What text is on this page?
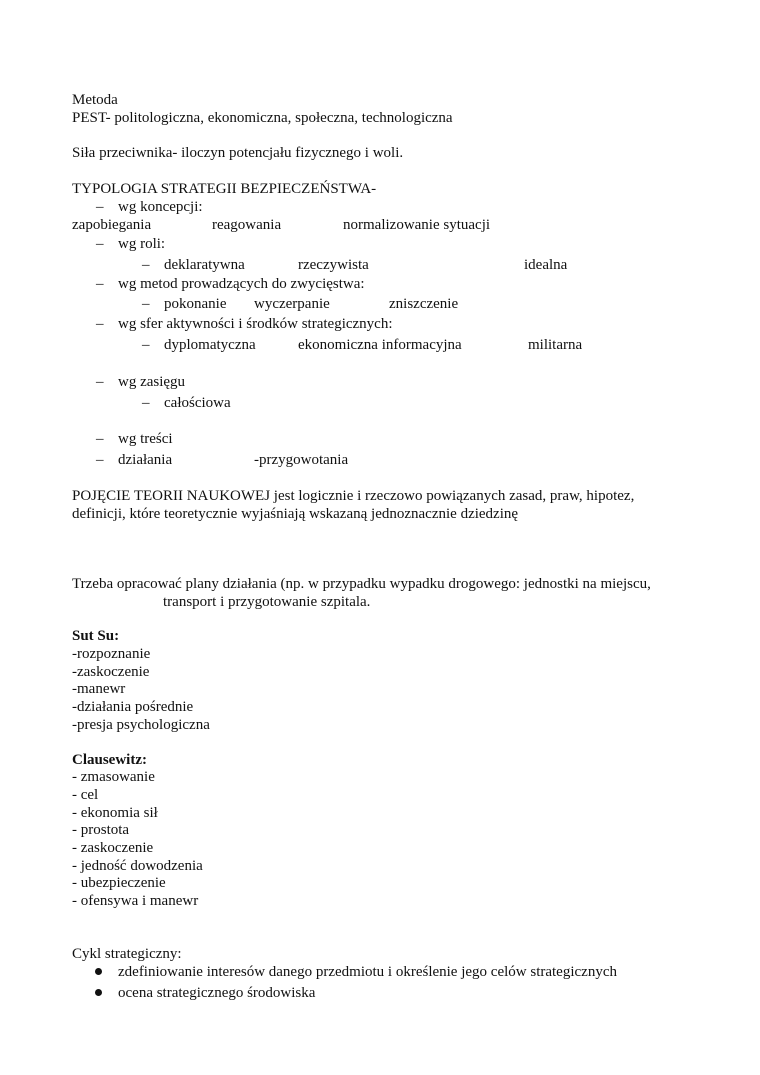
Metoda
PEST- politologiczna, ekonomiczna, społeczna, technologiczna
Siła przeciwnika- iloczyn potencjału fizycznego i woli.
TYPOLOGIA STRATEGII BEZPIECZEŃSTWA-
– wg koncepcji:
zapobiegania	reagowania	normalizowanie sytuacji
– wg roli:
– deklaratywna	rzeczywista	idealna
– wg metod prowadzących do zwycięstwa:
– pokonanie wyczerpanie	zniszczenie
– wg sfer aktywności i środków strategicznych:
– dyplomatyczna	ekonomiczna informacyjna	militarna
– wg zasięgu
– całościowa
– wg treści
– działania	-przygowotania
POJĘCIE TEORII NAUKOWEJ jest logicznie i rzeczowo powiązanych zasad, praw, hipotez,
definicji, które teoretycznie wyjaśniają wskazaną jednoznacznie dziedzinę
Trzeba opracować plany działania (np. w przypadku wypadku drogowego: jednostki na miejscu,
transport i przygotowanie szpitala.
Sut Su:
-rozpoznanie
-zaskoczenie
-manewr
-działania pośrednie
-presja psychologiczna
Clausewitz:
- zmasowanie
- cel
- ekonomia sił
- prostota
- zaskoczenie
- jedność dowodzenia
- ubezpieczenie
- ofensywa i manewr
Cykl strategiczny:
zdefiniowanie interesów danego przedmiotu i określenie jego celów strategicznych
ocena strategicznego środowiska
